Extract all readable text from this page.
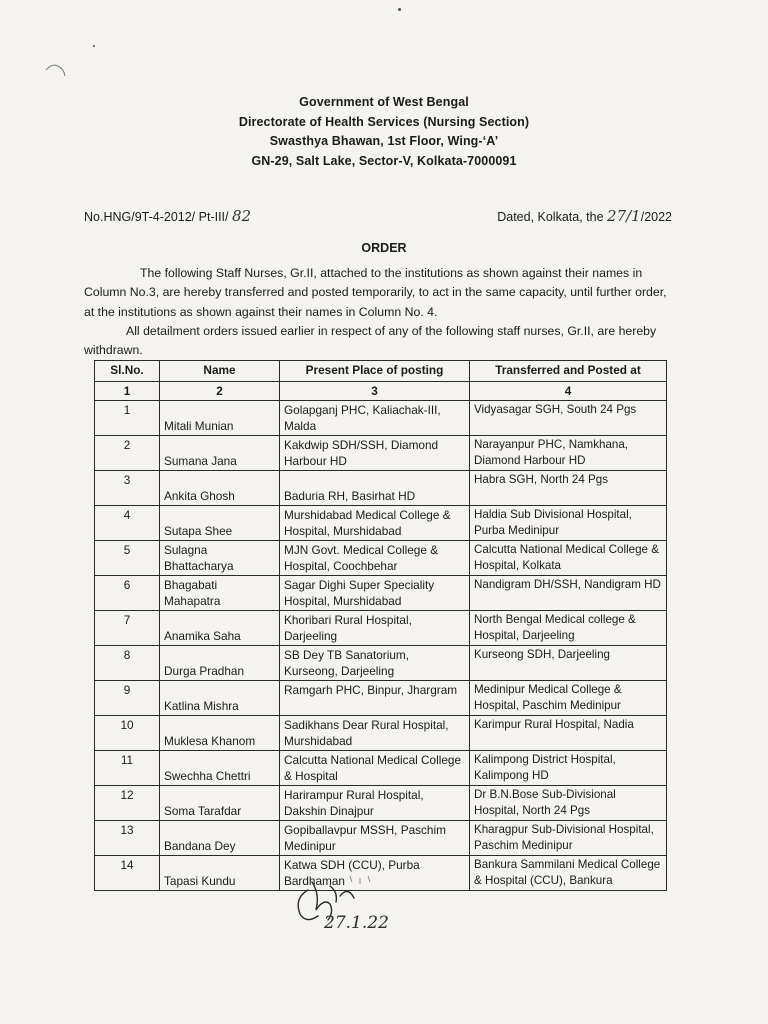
Government of West Bengal
Directorate of Health Services (Nursing Section)
Swasthya Bhawan, 1st Floor, Wing-‘A’
GN-29, Salt Lake, Sector-V, Kolkata-7000091
No.HNG/9T-4-2012/ Pt-III/ 82	Dated, Kolkata, the 27/1/2022
ORDER
The following Staff Nurses, Gr.II, attached to the institutions as shown against their names in Column No.3, are hereby transferred and posted temporarily, to act in the same capacity, until further order, at the institutions as shown against their names in Column No. 4.
All detailment orders issued earlier in respect of any of the following staff nurses, Gr.II, are hereby withdrawn.
Sl.No.	Name	Present Place of posting	Transferred and Posted at
1	2	3	4
1	Mitali Munian	Golapganj PHC, Kaliachak-III, Malda	Vidyasagar SGH, South 24 Pgs
2	Sumana Jana	Kakdwip SDH/SSH, Diamond Harbour HD	Narayanpur PHC, Namkhana, Diamond Harbour HD
3	Ankita Ghosh	Baduria RH, Basirhat HD	Habra SGH, North 24 Pgs
4	Sutapa Shee	Murshidabad Medical College & Hospital, Murshidabad	Haldia Sub Divisional Hospital, Purba Medinipur
5	Sulagna Bhattacharya	MJN Govt. Medical College & Hospital, Coochbehar	Calcutta National Medical College & Hospital, Kolkata
6	Bhagabati Mahapatra	Sagar Dighi Super Speciality Hospital, Murshidabad	Nandigram DH/SSH, Nandigram HD
7	Anamika Saha	Khoribari Rural Hospital, Darjeeling	North Bengal Medical college & Hospital, Darjeeling
8	Durga Pradhan	SB Dey TB Sanatorium, Kurseong, Darjeeling	Kurseong SDH, Darjeeling
9	Katlina Mishra	Ramgarh PHC, Binpur, Jhargram	Medinipur Medical College & Hospital, Paschim Medinipur
10	Muklesa Khanom	Sadikhans Dear Rural Hospital, Murshidabad	Karimpur Rural Hospital, Nadia
11	Swechha Chettri	Calcutta National Medical College & Hospital	Kalimpong District Hospital, Kalimpong HD
12	Soma Tarafdar	Harirampur Rural Hospital, Dakshin Dinajpur	Dr B.N.Bose Sub-Divisional Hospital, North 24 Pgs
13	Bandana Dey	Gopiballavpur MSSH, Paschim Medinipur	Kharagpur Sub-Divisional Hospital, Paschim Medinipur
14	Tapasi Kundu	Katwa SDH (CCU), Purba Bardhaman	Bankura Sammilani Medical College & Hospital (CCU), Bankura
27.1.22
